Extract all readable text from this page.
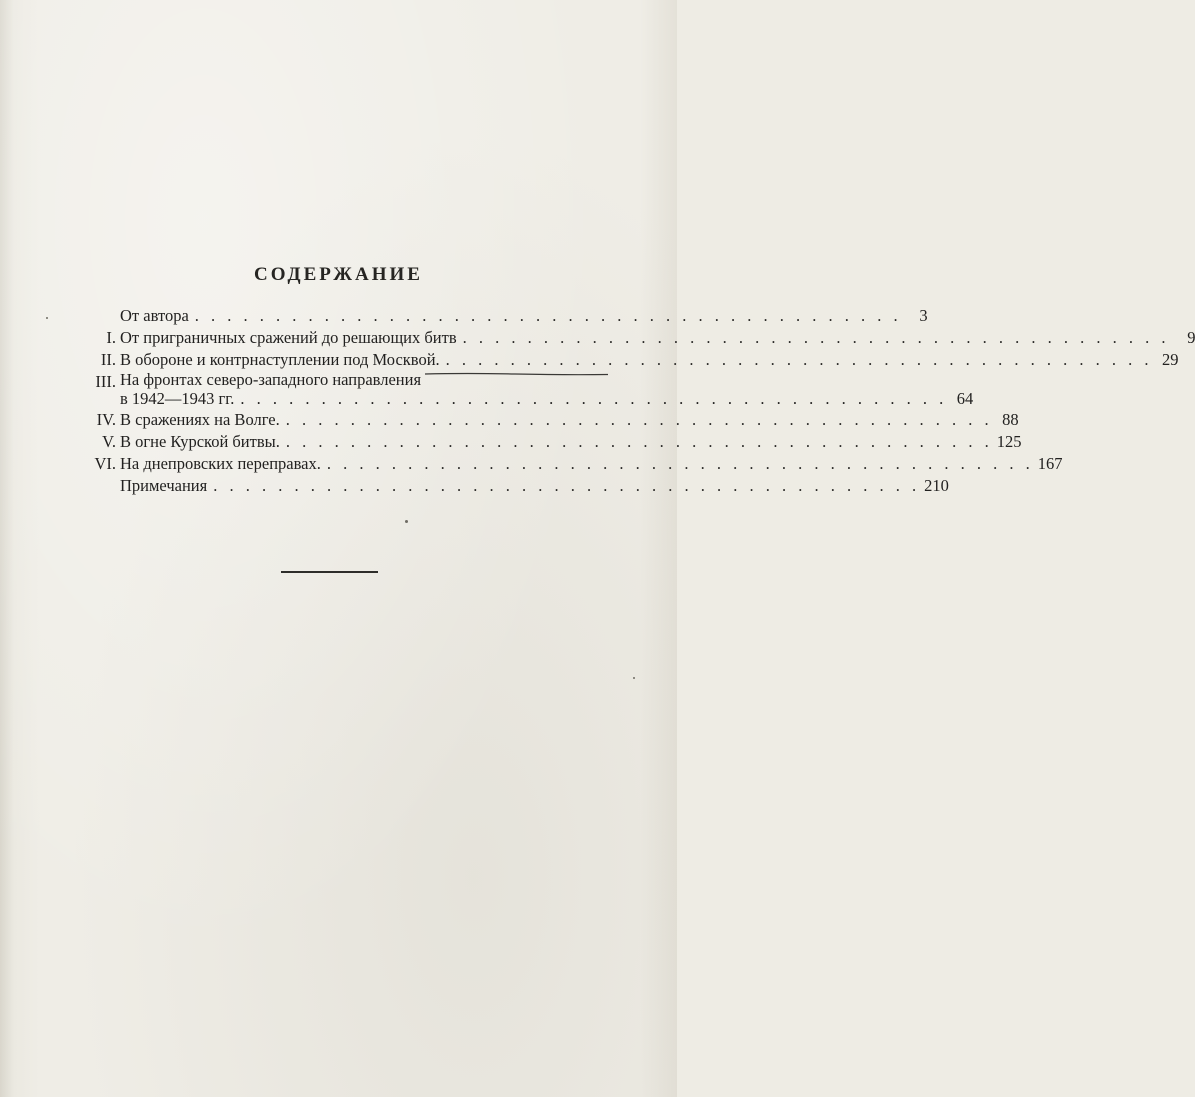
СОДЕРЖАНИЕ
От автора . . . . . . . . . . . . . . . . . . . . . . . . . . . . . . . . . . . . . . . . . . . .	3
I. От приграничных сражений до решающих битв . . . . . . . . . . . . . . . . . . . . . . . . . . . . . . . . . . . . . . . . . . . .	9
II. В обороне и контрнаступлении под Москвой. . . . . . . . . . . . . . . . . . . . . . . . . . . . . . . . . . . . . . . . . . . . . 29
III. На фронтах северо-западного направления
в 1942—1943 гг. . . . . . . . . . . . . . . . . . . . . . . . . . . . . . . . . . . . . . . . . . . . . 64
IV. В сражениях на Волге. . . . . . . . . . . . . . . . . . . . . . . . . . . . . . . . . . . . . . . . . . . . . 88
V. В огне Курской битвы. . . . . . . . . . . . . . . . . . . . . . . . . . . . . . . . . . . . . . . . . . . . . 125
VI. На днепровских переправах. . . . . . . . . . . . . . . . . . . . . . . . . . . . . . . . . . . . . . . . . . . . . 167
Примечания . . . . . . . . . . . . . . . . . . . . . . . . . . . . . . . . . . . . . . . . . . . . 210
